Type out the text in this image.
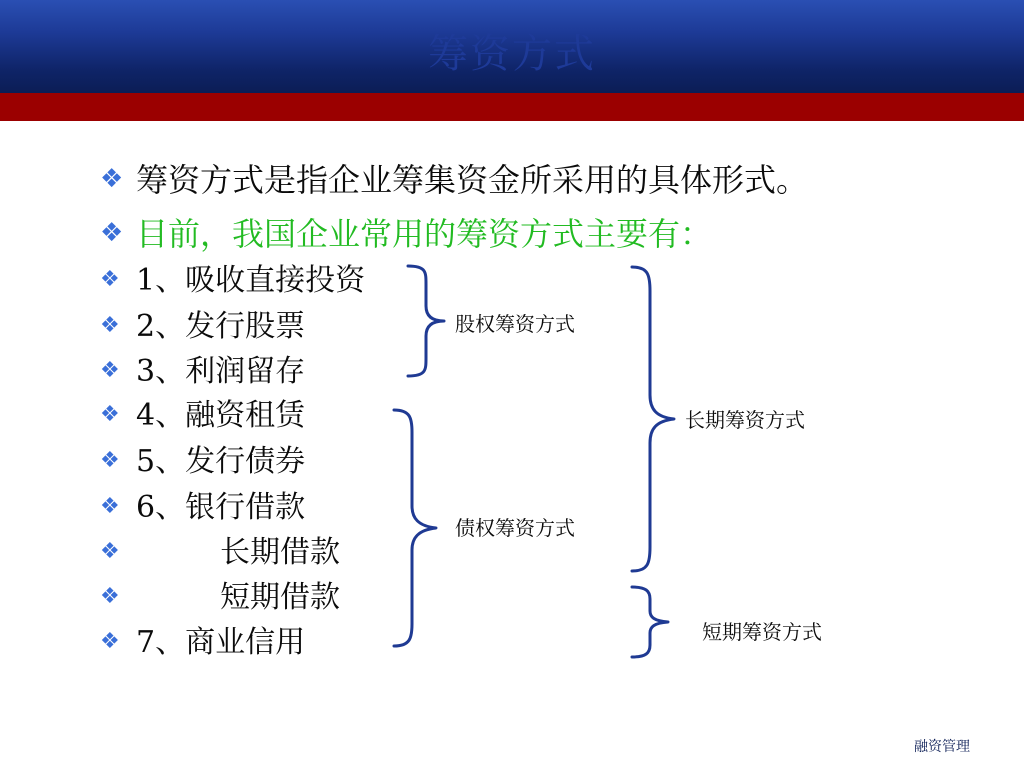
筹资方式
❖ 筹资方式是指企业筹集资金所采用的具体形式。
❖ 目前，我国企业常用的筹资方式主要有：
❖ 1、吸收直接投资
❖ 2、发行股票
❖ 3、利润留存
❖ 4、融资租赁
❖ 5、发行债券
❖ 6、银行借款
❖	长期借款
❖	短期借款
❖ 7、商业信用
股权筹资方式
债权筹资方式
长期筹资方式
短期筹资方式
融资管理
